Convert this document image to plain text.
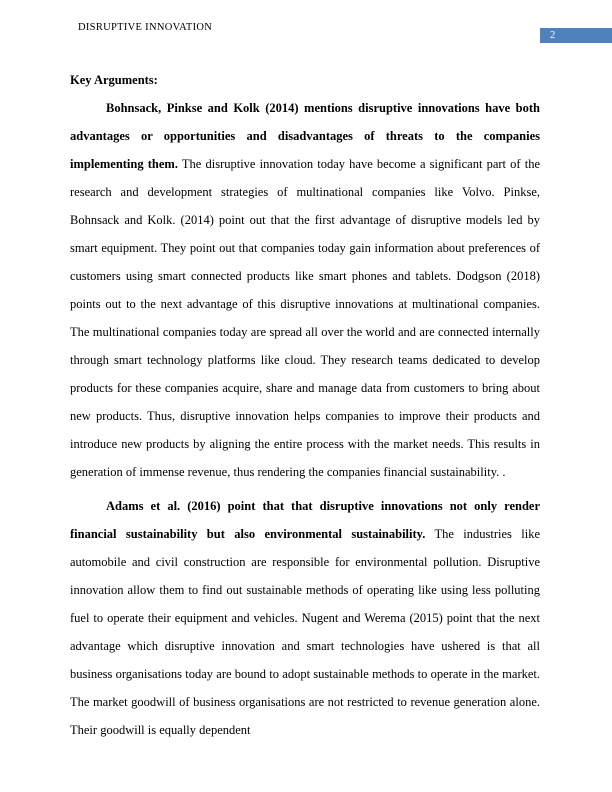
DISRUPTIVE INNOVATION
2
Key Arguments:

Bohnsack, Pinkse and Kolk (2014) mentions disruptive innovations have both advantages or opportunities and disadvantages of threats to the companies implementing them. The disruptive innovation today have become a significant part of the research and development strategies of multinational companies like Volvo. Pinkse, Bohnsack and Kolk. (2014) point out that the first advantage of disruptive models led by smart equipment. They point out that companies today gain information about preferences of customers using smart connected products like smart phones and tablets. Dodgson (2018) points out to the next advantage of this disruptive innovations at multinational companies. The multinational companies today are spread all over the world and are connected internally through smart technology platforms like cloud. They research teams dedicated to develop products for these companies acquire, share and manage data from customers to bring about new products. Thus, disruptive innovation helps companies to improve their products and introduce new products by aligning the entire process with the market needs. This results in generation of immense revenue, thus rendering the companies financial sustainability. .

Adams et al. (2016) point that that disruptive innovations not only render financial sustainability but also environmental sustainability. The industries like automobile and civil construction are responsible for environmental pollution. Disruptive innovation allow them to find out sustainable methods of operating like using less polluting fuel to operate their equipment and vehicles. Nugent and Werema (2015) point that the next advantage which disruptive innovation and smart technologies have ushered is that all business organisations today are bound to adopt sustainable methods to operate in the market. The market goodwill of business organisations are not restricted to revenue generation alone. Their goodwill is equally dependent
